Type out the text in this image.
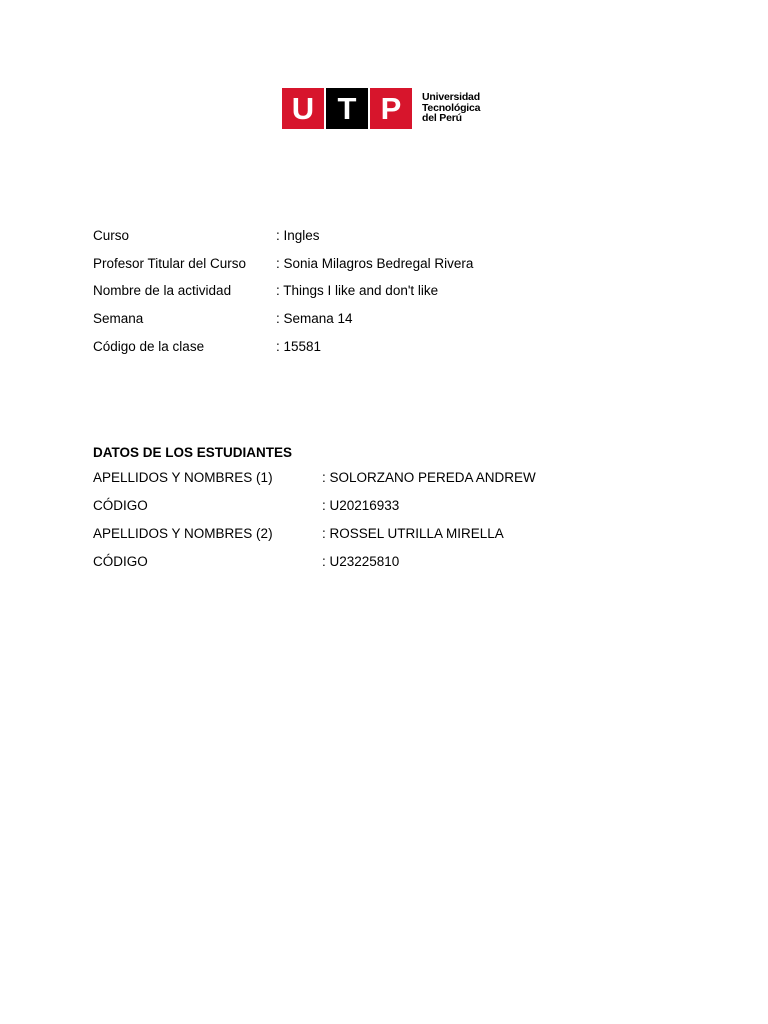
U T P	Universidad
Tecnológica
del Perú
Curso	: Ingles
Profesor Titular del Curso	: Sonia Milagros Bedregal Rivera
Nombre de la actividad	: Things I like and don't like
Semana	: Semana 14
Código de la clase	: 15581
DATOS DE LOS ESTUDIANTES
APELLIDOS Y NOMBRES (1)	: SOLORZANO PEREDA ANDREW
CÓDIGO	: U20216933
APELLIDOS Y NOMBRES (2)	: ROSSEL UTRILLA MIRELLA
CÓDIGO	: U23225810
